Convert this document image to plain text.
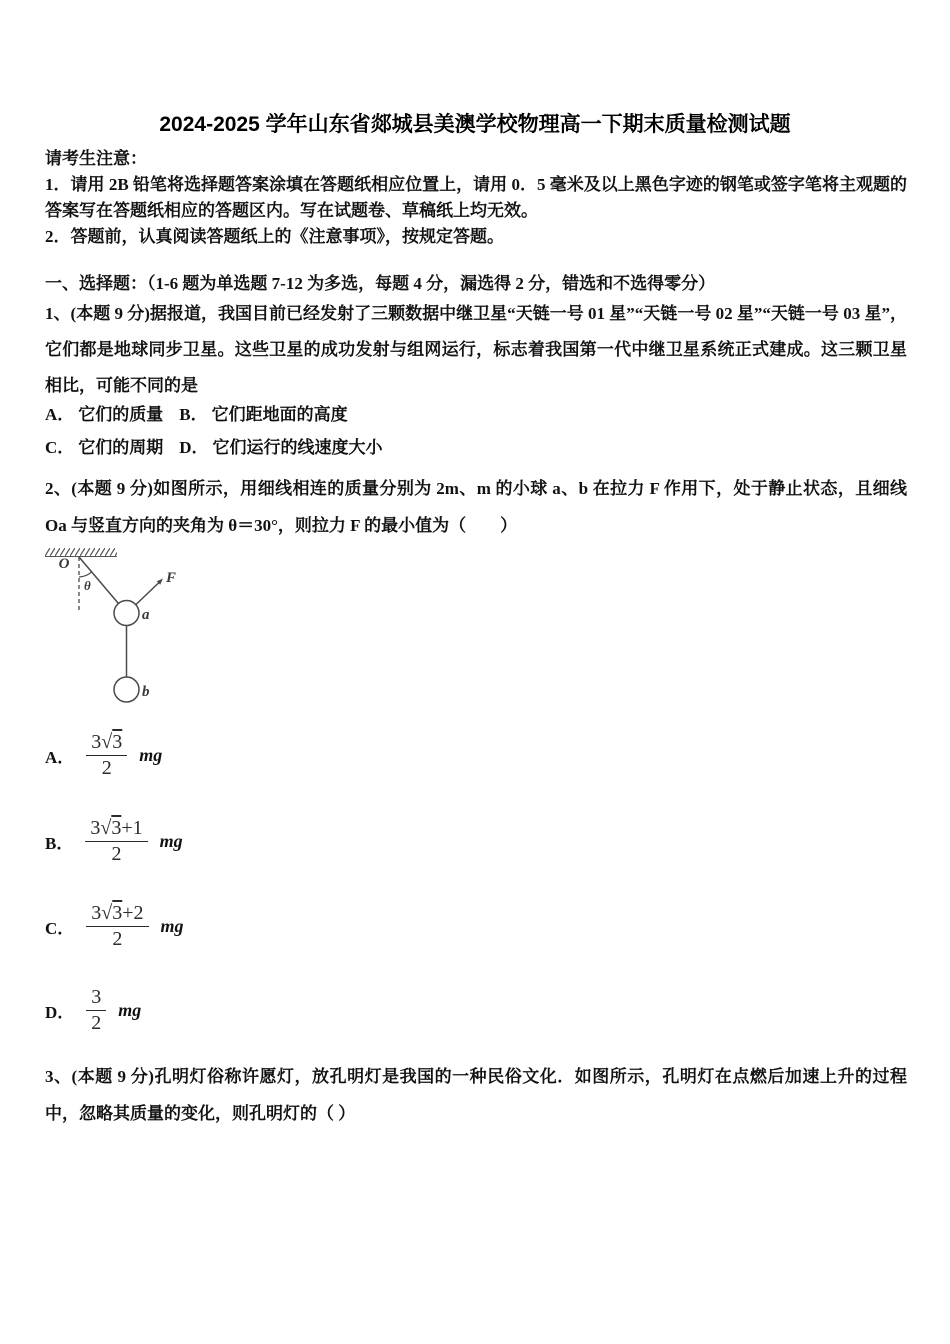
2024-2025 学年山东省郯城县美澳学校物理高一下期末质量检测试题

请考生注意：

1．请用 2B 铅笔将选择题答案涂填在答题纸相应位置上，请用 0．5 毫米及以上黑色字迹的钢笔或签字笔将主观题的答案写在答题纸相应的答题区内。写在试题卷、草稿纸上均无效。

2．答题前，认真阅读答题纸上的《注意事项》，按规定答题。

一、选择题：（1-6 题为单选题 7-12 为多选，每题 4 分，漏选得 2 分，错选和不选得零分）

1、(本题 9 分)据报道，我国目前已经发射了三颗数据中继卫星“天链一号 01 星”“天链一号 02 星”“天链一号 03 星”，它们都是地球同步卫星。这些卫星的成功发射与组网运行，标志着我国第一代中继卫星系统正式建成。这三颗卫星相比，可能不同的是

A． 它们的质量 B． 它们距地面的高度
C． 它们的周期 D． 它们运行的线速度大小

2、(本题 9 分)如图所示，用细线相连的质量分别为 2m、m 的小球 a、b 在拉力 F 作用下，处于静止状态，且细线 Oa 与竖直方向的夹角为 θ＝30°，则拉力 F 的最小值为（　　）

O
θ
a
b
F
A． $\frac{3√3}{2}$ mg
B． $\frac{3√3+1}{2}$ mg
C． $\frac{3√3+2}{2}$ mg
D． $\frac{3}{2}$ mg

3、(本题 9 分)孔明灯俗称许愿灯，放孔明灯是我国的一种民俗文化．如图所示，孔明灯在点燃后加速上升的过程中，忽略其质量的变化，则孔明灯的（ ）
